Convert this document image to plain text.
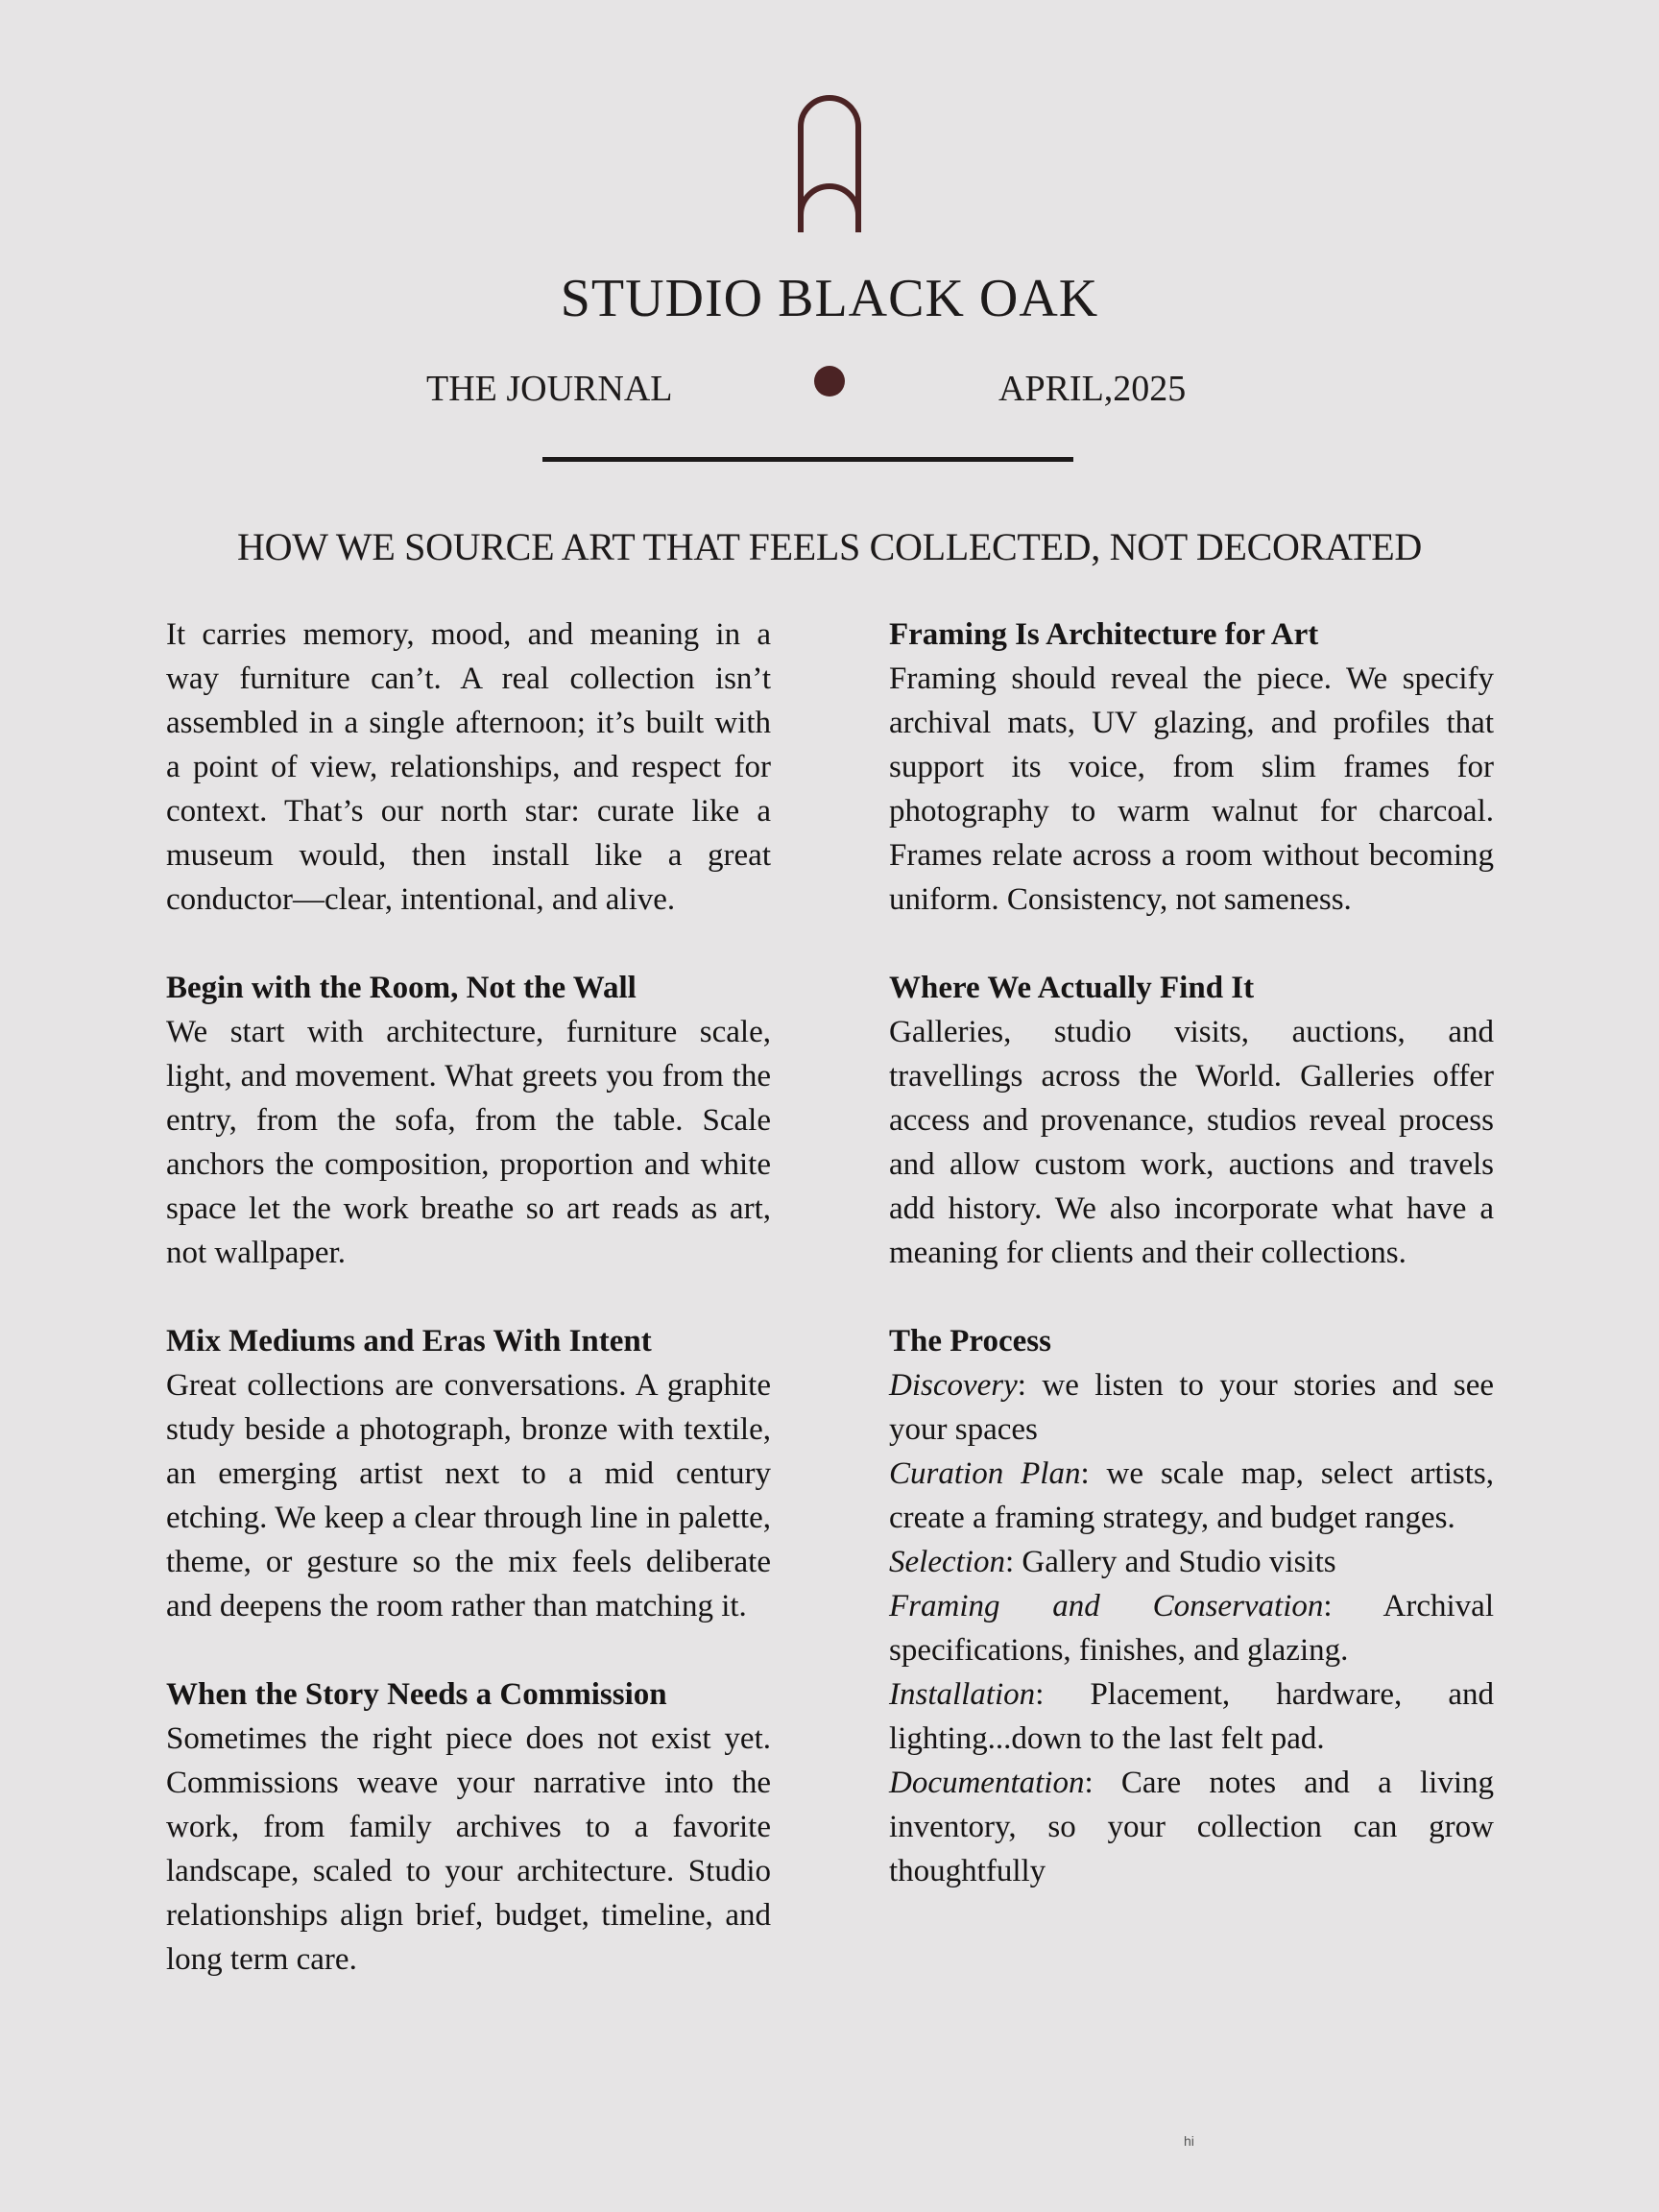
STUDIO BLACK OAK
THE JOURNAL	APRIL,2025
HOW WE SOURCE ART THAT FEELS COLLECTED, NOT DECORATED

It carries memory, mood, and meaning in a way furniture can’t. A real collection isn’t assembled in a single afternoon; it’s built with a point of view, relationships, and respect for context. That’s our north star: curate like a museum would, then install like a great conductor—clear, intentional, and alive.

Begin with the Room, Not the Wall

We start with architecture, furniture scale, light, and movement. What greets you from the entry, from the sofa, from the table. Scale anchors the composition, proportion and white space let the work breathe so art reads as art, not wallpaper.

Mix Mediums and Eras With Intent

Great collections are conversations. A graphite study beside a photograph, bronze with textile, an emerging artist next to a mid century etching. We keep a clear through line in palette, theme, or gesture so the mix feels deliberate and deepens the room rather than matching it.

When the Story Needs a Commission

Sometimes the right piece does not exist yet. Commissions weave your narrative into the work, from family archives to a favorite landscape, scaled to your architecture. Studio relationships align brief, budget, timeline, and long term care.

Framing Is Architecture for Art

Framing should reveal the piece. We specify archival mats, UV glazing, and profiles that support its voice, from slim frames for photography to warm walnut for charcoal. Frames relate across a room without becoming uniform. Consistency, not sameness.

Where We Actually Find It

Galleries, studio visits, auctions, and travellings across the World. Galleries offer access and provenance, studios reveal process and allow custom work, auctions and travels add history. We also incorporate what have a meaning for clients and their collections.

The Process

Discovery: we listen to your stories and see your spaces

Curation Plan: we scale map, select artists, create a framing strategy, and budget ranges.

Selection: Gallery and Studio visits

Framing and Conservation: Archival specifications, finishes, and glazing.

Installation: Placement, hardware, and lighting...down to the last felt pad.

Documentation: Care notes and a living inventory, so your collection can grow thoughtfully

hi
